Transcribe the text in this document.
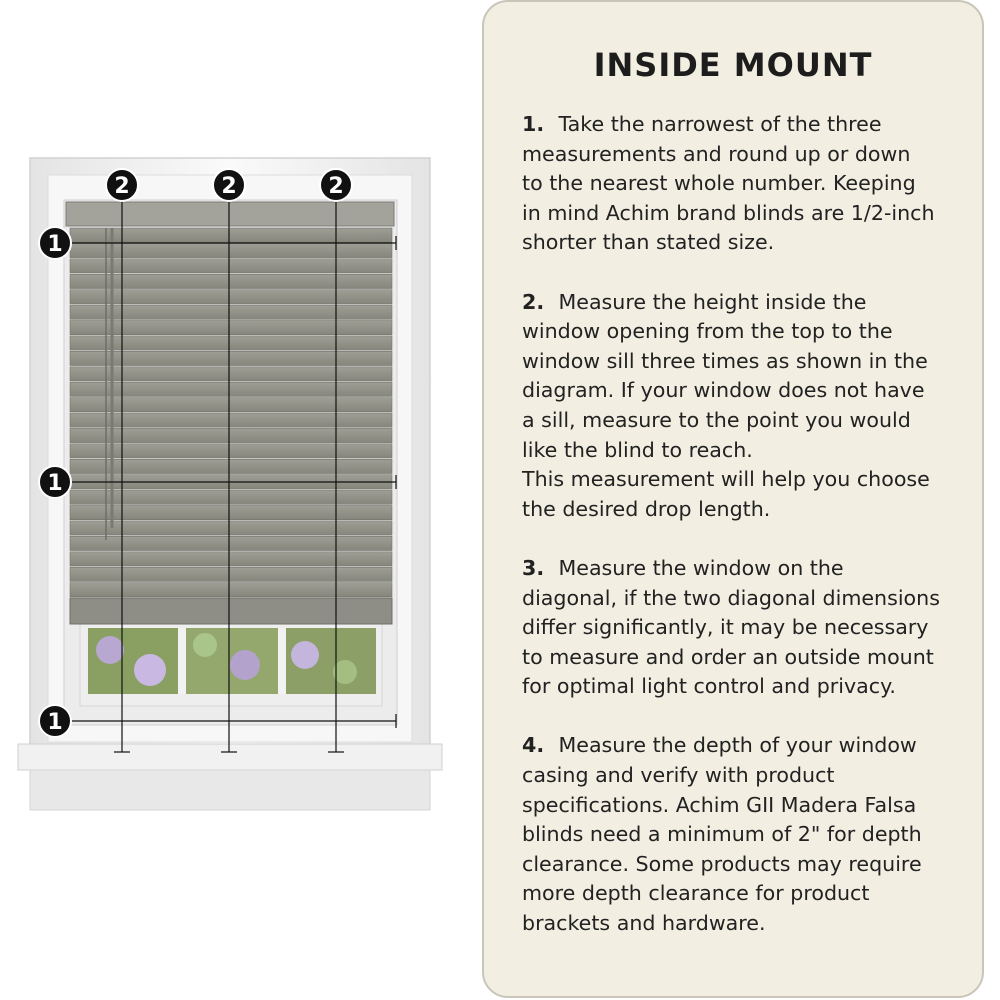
2	2	2
1
1
1
INSIDE MOUNT
1. Take the narrowest of the three
measurements and round up or down
to the nearest whole number. Keeping
in mind Achim brand blinds are 1/2-inch
shorter than stated size.
2. Measure the height inside the
window opening from the top to the
window sill three times as shown in the
diagram. If your window does not have
a sill, measure to the point you would
like the blind to reach.
This measurement will help you choose
the desired drop length.
3. Measure the window on the
diagonal, if the two diagonal dimensions
differ significantly, it may be necessary
to measure and order an outside mount
for optimal light control and privacy.
4. Measure the depth of your window
casing and verify with product
specifications. Achim GII Madera Falsa
blinds need a minimum of 2" for depth
clearance. Some products may require
more depth clearance for product
brackets and hardware.
